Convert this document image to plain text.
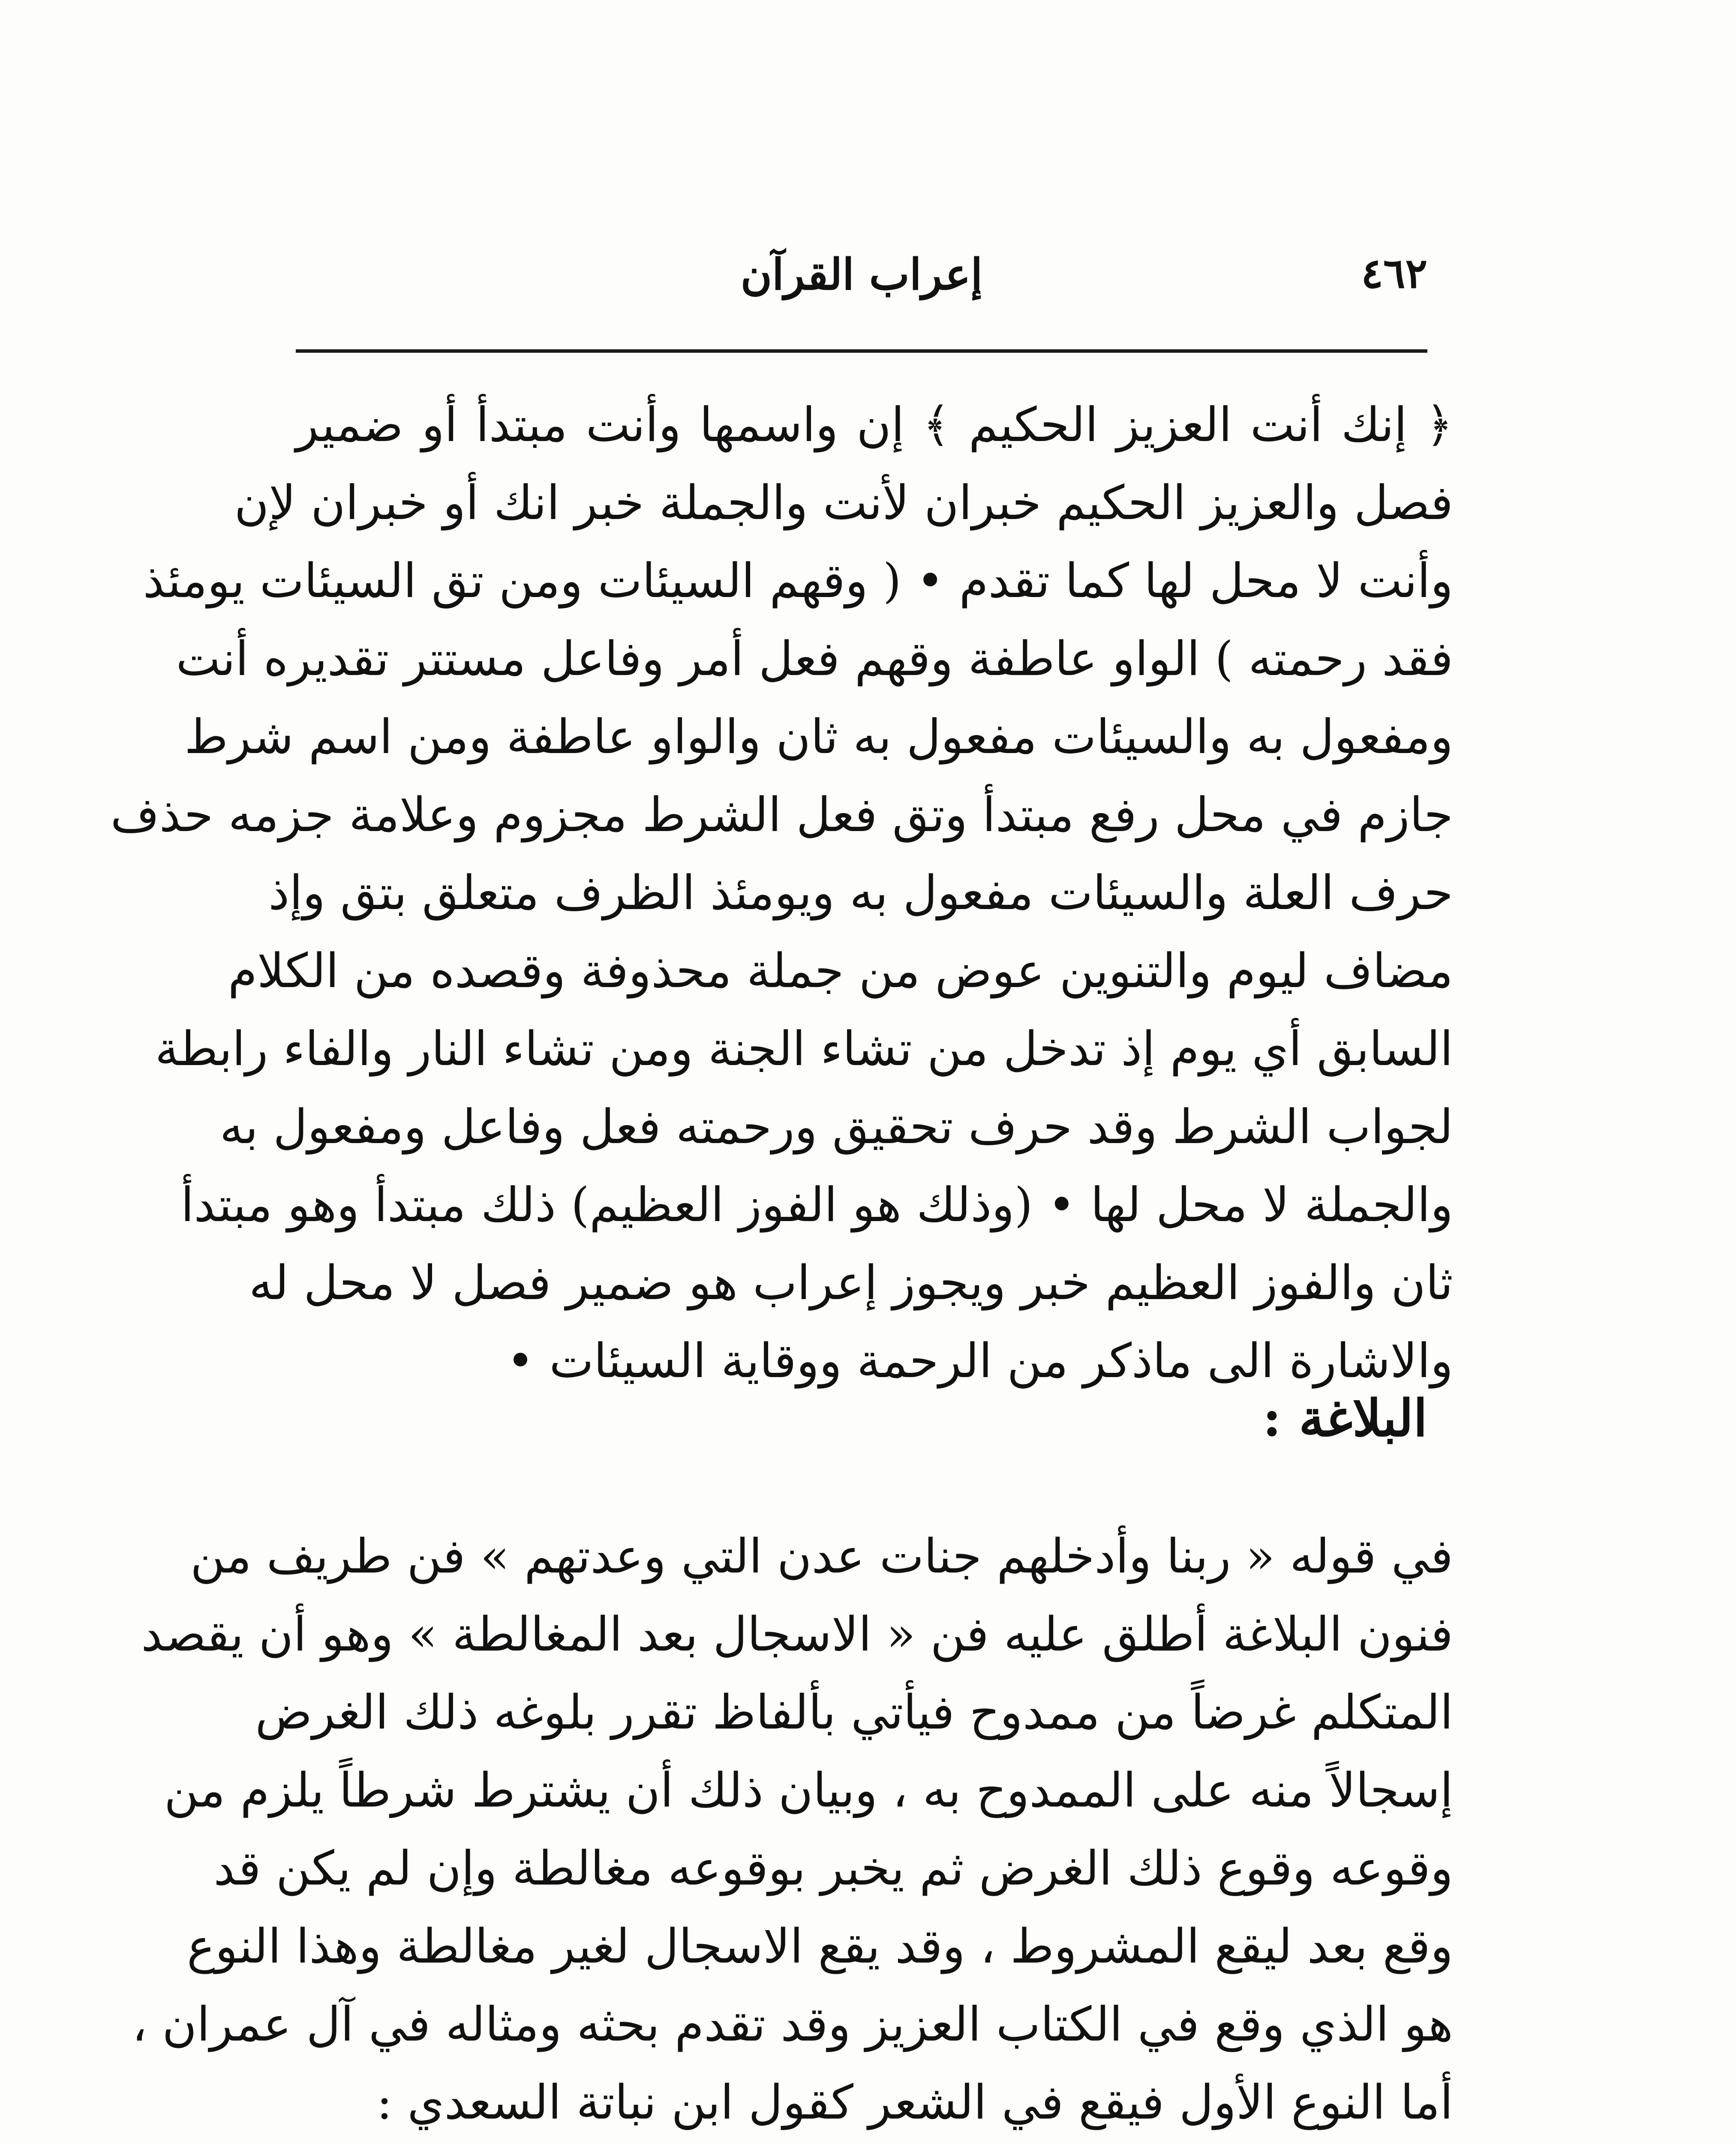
٤٦٢
إعراب القرآن
﴿ إنك أنت العزيز الحكيم ﴾ إن واسمها وأنت مبتدأ أو ضمير
فصل والعزيز الحكيم خبران لأنت والجملة خبر انك أو خبران لإن
وأنت لا محل لها كما تقدم • ( وقهم السيئات ومن تق السيئات يومئذ
فقد رحمته ) الواو عاطفة وقهم فعل أمر وفاعل مستتر تقديره أنت
ومفعول به والسيئات مفعول به ثان والواو عاطفة ومن اسم شرط
جازم في محل رفع مبتدأ وتق فعل الشرط مجزوم وعلامة جزمه حذف
حرف العلة والسيئات مفعول به ويومئذ الظرف متعلق بتق وإذ
مضاف ليوم والتنوين عوض من جملة محذوفة وقصده من الكلام
السابق أي يوم إذ تدخل من تشاء الجنة ومن تشاء النار والفاء رابطة
لجواب الشرط وقد حرف تحقيق ورحمته فعل وفاعل ومفعول به
والجملة لا محل لها • (وذلك هو الفوز العظيم) ذلك مبتدأ وهو مبتدأ
ثان والفوز العظيم خبر ويجوز إعراب هو ضمير فصل لا محل له
والاشارة الى ماذكر من الرحمة ووقاية السيئات •
البلاغة :
في قوله « ربنا وأدخلهم جنات عدن التي وعدتهم » فن طريف من
فنون البلاغة أطلق عليه فن « الاسجال بعد المغالطة » وهو أن يقصد
المتكلم غرضاً من ممدوح فيأتي بألفاظ تقرر بلوغه ذلك الغرض
إسجالاً منه على الممدوح به ، وبيان ذلك أن يشترط شرطاً يلزم من
وقوعه وقوع ذلك الغرض ثم يخبر بوقوعه مغالطة وإن لم يكن قد
وقع بعد ليقع المشروط ، وقد يقع الاسجال لغير مغالطة وهذا النوع
هو الذي وقع في الكتاب العزيز وقد تقدم بحثه ومثاله في آل عمران ،
أما النوع الأول فيقع في الشعر كقول ابن نباتة السعدي :
